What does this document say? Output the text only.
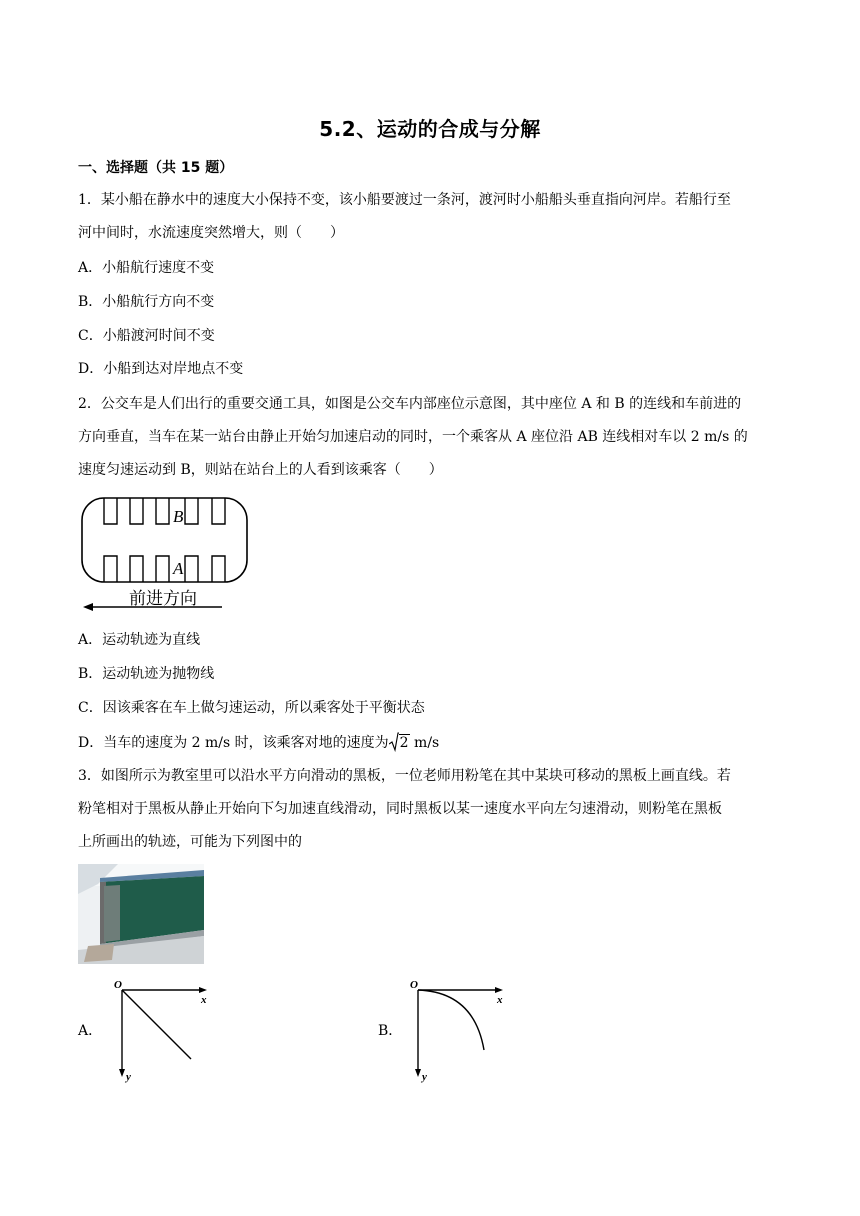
5.2、运动的合成与分解
一、选择题（共 15 题）
1．某小船在静水中的速度大小保持不变，该小船要渡过一条河，渡河时小船船头垂直指向河岸。若船行至
河中间时，水流速度突然增大，则（　　）
A．小船航行速度不变
B．小船航行方向不变
C．小船渡河时间不变
D．小船到达对岸地点不变
2．公交车是人们出行的重要交通工具，如图是公交车内部座位示意图，其中座位 A 和 B 的连线和车前进的
方向垂直，当车在某一站台由静止开始匀加速启动的同时，一个乘客从 A 座位沿 AB 连线相对车以 2 m/s 的
速度匀速运动到 B，则站在站台上的人看到该乘客（　　）
B
A
前进方向
A．运动轨迹为直线
B．运动轨迹为抛物线
C．因该乘客在车上做匀速运动，所以乘客处于平衡状态
D．当车的速度为 2 m/s 时，该乘客对地的速度为 2 m/s
3．如图所示为教室里可以沿水平方向滑动的黑板，一位老师用粉笔在其中某块可移动的黑板上画直线。若
粉笔相对于黑板从静止开始向下匀加速直线滑动，同时黑板以某一速度水平向左匀速滑动，则粉笔在黑板
上所画出的轨迹，可能为下列图中的
A．
O
x
y
B．
O
x
y
